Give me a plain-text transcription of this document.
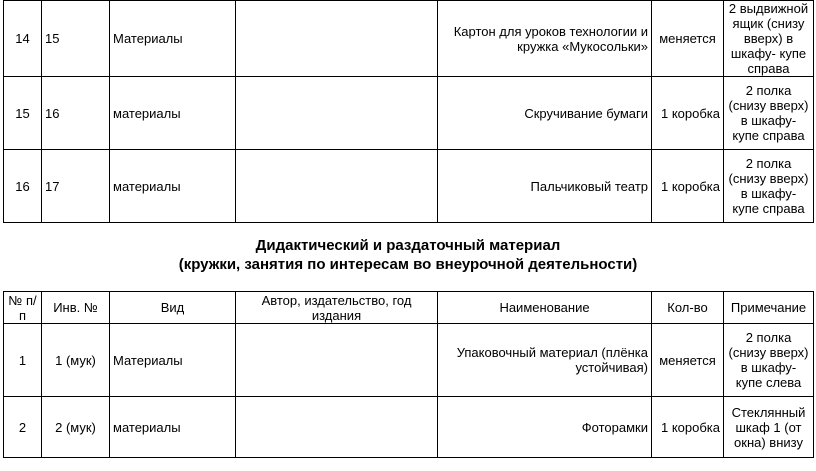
14	15	Материалы		Картон для уроков технологии и кружка «Мукосольки»	меняется	2 выдвижной ящик (снизу вверх) в шкафу- купе справа
15	16	материалы		Скручивание бумаги	1 коробка	2 полка (снизу вверх) в шкафу- купе справа
16	17	материалы		Пальчиковый театр	1 коробка	2 полка (снизу вверх) в шкафу- купе справа
Дидактический и раздаточный материал
(кружки, занятия по интересам во внеурочной деятельности)
№ п/п	Инв. №	Вид	Автор, издательство, год издания	Наименование	Кол-во	Примечание
1	1 (мук)	Материалы		Упаковочный материал (плёнка устойчивая)	меняется	2 полка (снизу вверх) в шкафу- купе слева
2	2 (мук)	материалы		Фоторамки	1 коробка	Стеклянный шкаф 1 (от окна) внизу
